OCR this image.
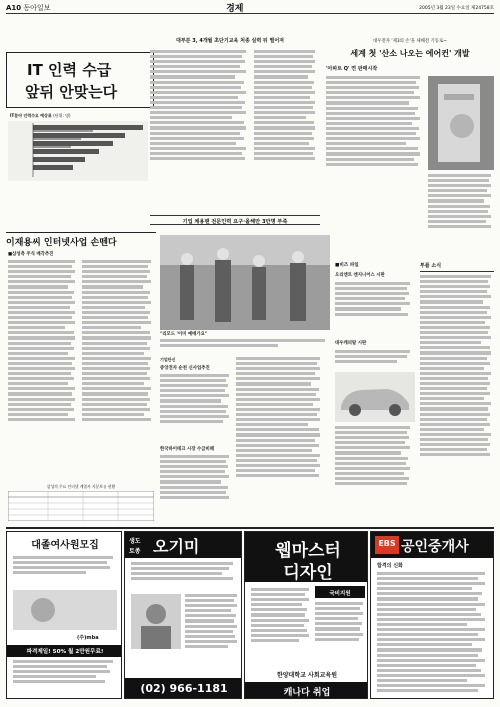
A10 동아일보	경제	2005년 3월 23일 수요일 제24758호
IT 인력 수급
앞뒤 안맞는다
대부분 3, 4개월 초단기교육 처종 실력 뒤 떨어져
IT분야 인력수요 예상표 (단위: 명)
기업 채용땐 전문인력 요구·올해만 3만명 부족
대우전자 '제3의 손'을 새해전 기동로~
세계 첫 '산소 나오는 에어컨' 개발
'아파트 Q' 연 판매시작
이재용씨 인터넷사업 손뗀다
■삼성측 주식 매각추진
삼성의 주요 인터넷 계열사 지분보유 현황
"리모드 '이미 예매가요"
기업단신
중앙전자 순천 신사업추진
한국하이테크 시장 수급비해
■비즈 파일
오리엔트 엔지니어스 시판
대우캐피탈 시판
투플 소식
대졸여사원모집
(주)mba
파격제일! 50% 월 2만원무료!
생도
토종 오기미
(02) 966-1181
웹마스터
디자인
국비지원
한양대학교 사회교육원
캐나다 취업
EBS 공인중개사
합격의 신화
